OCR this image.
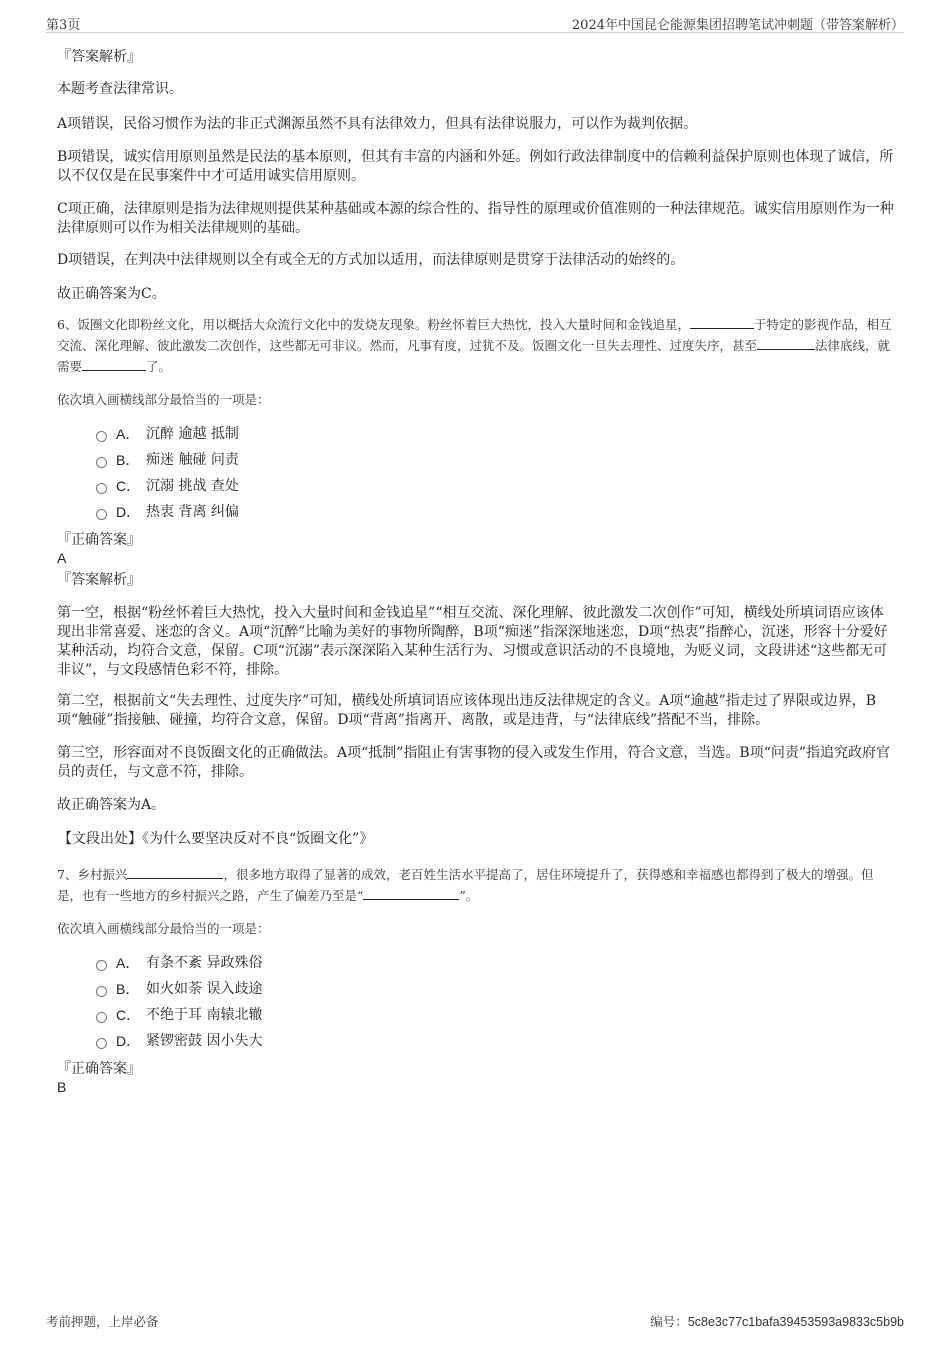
第3页	2024年中国昆仑能源集团招聘笔试冲刺题（带答案解析）
『答案解析』
本题考查法律常识。
A项错误，民俗习惯作为法的非正式渊源虽然不具有法律效力，但具有法律说服力，可以作为裁判依据。
B项错误，诚实信用原则虽然是民法的基本原则，但其有丰富的内涵和外延。例如行政法律制度中的信赖利益保护原则也体现了诚信，所以不仅仅是在民事案件中才可适用诚实信用原则。
C项正确，法律原则是指为法律规则提供某种基础或本源的综合性的、指导性的原理或价值准则的一种法律规范。诚实信用原则作为一种法律原则可以作为相关法律规则的基础。
D项错误，在判决中法律规则以全有或全无的方式加以适用，而法律原则是贯穿于法律活动的始终的。
故正确答案为C。
6、饭圈文化即粉丝文化，用以概括大众流行文化中的发烧友现象。粉丝怀着巨大热忱，投入大量时间和金钱追星，	于特定的影视作品，相互交流、深化理解、彼此激发二次创作，这些都无可非议。然而，凡事有度，过犹不及。饭圈文化一旦失去理性、过度失序，甚至	法律底线，就需要	了。
依次填入画横线部分最恰当的一项是：
A． 沉醉 逾越 抵制
B． 痴迷 触碰 问责
C． 沉溺 挑战 查处
D． 热衷 背离 纠偏
『正确答案』
A
『答案解析』
第一空，根据“粉丝怀着巨大热忱，投入大量时间和金钱追星”“相互交流、深化理解、彼此激发二次创作”可知，横线处所填词语应该体现出非常喜爱、迷恋的含义。A项“沉醉”比喻为美好的事物所陶醉，B项“痴迷”指深深地迷恋，D项“热衷”指醉心，沉迷，形容十分爱好某种活动，均符合文意，保留。C项“沉溺”表示深深陷入某种生活行为、习惯或意识活动的不良境地，为贬义词，文段讲述“这些都无可非议”，与文段感情色彩不符，排除。
第二空，根据前文“失去理性、过度失序”可知，横线处所填词语应该体现出违反法律规定的含义。A项“逾越”指走过了界限或边界，B项“触碰”指接触、碰撞，均符合文意，保留。D项“背离”指离开、离散，或是违背，与“法律底线”搭配不当，排除。
第三空，形容面对不良饭圈文化的正确做法。A项“抵制”指阻止有害事物的侵入或发生作用，符合文意，当选。B项“问责”指追究政府官员的责任，与文意不符，排除。
故正确答案为A。
【文段出处】《为什么要坚决反对不良“饭圈文化”》
7、乡村振兴	，很多地方取得了显著的成效，老百姓生活水平提高了，居住环境提升了，获得感和幸福感也都得到了极大的增强。但是，也有一些地方的乡村振兴之路，产生了偏差乃至是“	”。
依次填入画横线部分最恰当的一项是：
A． 有条不紊 异政殊俗
B． 如火如荼 误入歧途
C． 不绝于耳 南辕北辙
D． 紧锣密鼓 因小失大
『正确答案』
B
考前押题，上岸必备	编号：5c8e3c77c1bafa39453593a9833c5b9b
